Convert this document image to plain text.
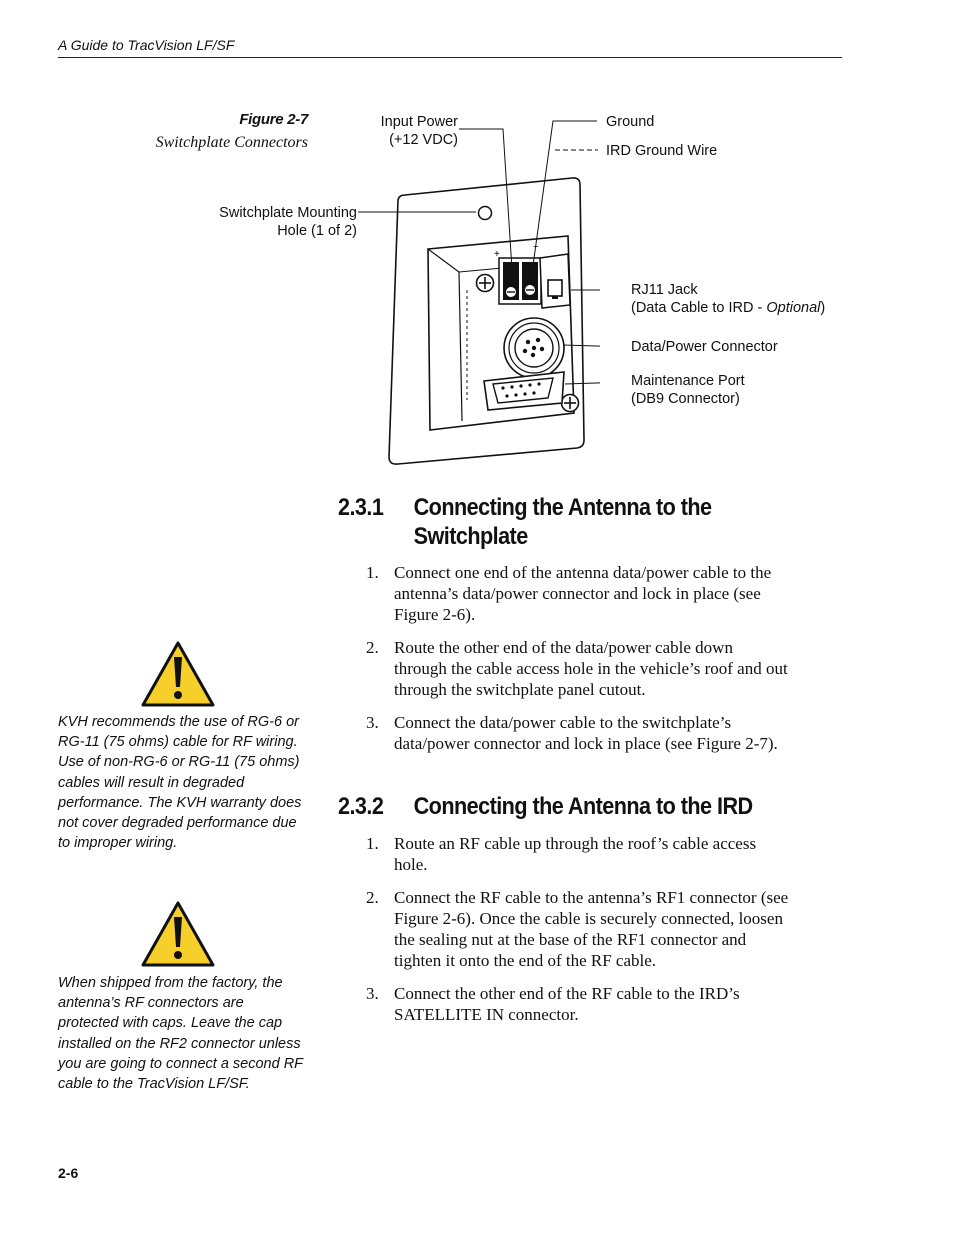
A Guide to TracVision LF/SF
Figure 2-7
Switchplate Connectors
+
−
Input Power
(+12 VDC)
Ground
IRD Ground Wire
Switchplate Mounting
Hole (1 of 2)
RJ11 Jack
(Data Cable to IRD - Optional)
Data/Power Connector
Maintenance Port
(DB9 Connector)
2.3.1 Connecting the Antenna to the
Switchplate
1. Connect one end of the antenna data/power cable to the antenna’s data/power connector and lock in place (see Figure 2-6).
2. Route the other end of the data/power cable down through the cable access hole in the vehicle’s roof and out through the switchplate panel cutout.
3. Connect the data/power cable to the switchplate’s data/power connector and lock in place (see Figure 2-7).
2.3.2 Connecting the Antenna to the IRD
1. Route an RF cable up through the roof’s cable access hole.
2. Connect the RF cable to the antenna’s RF1 connector (see Figure 2-6). Once the cable is securely connected, loosen the sealing nut at the base of the RF1 connector and tighten it onto the end of the RF cable.
3. Connect the other end of the RF cable to the IRD’s SATELLITE IN connector.
KVH recommends the use of RG-6 or RG-11 (75 ohms) cable for RF wiring. Use of non-RG-6 or RG-11 (75 ohms) cables will result in degraded performance. The KVH warranty does not cover degraded performance due to improper wiring.
When shipped from the factory, the antenna’s RF connectors are protected with caps. Leave the cap installed on the RF2 connector unless you are going to connect a second RF cable to the TracVision LF/SF.
2-6
